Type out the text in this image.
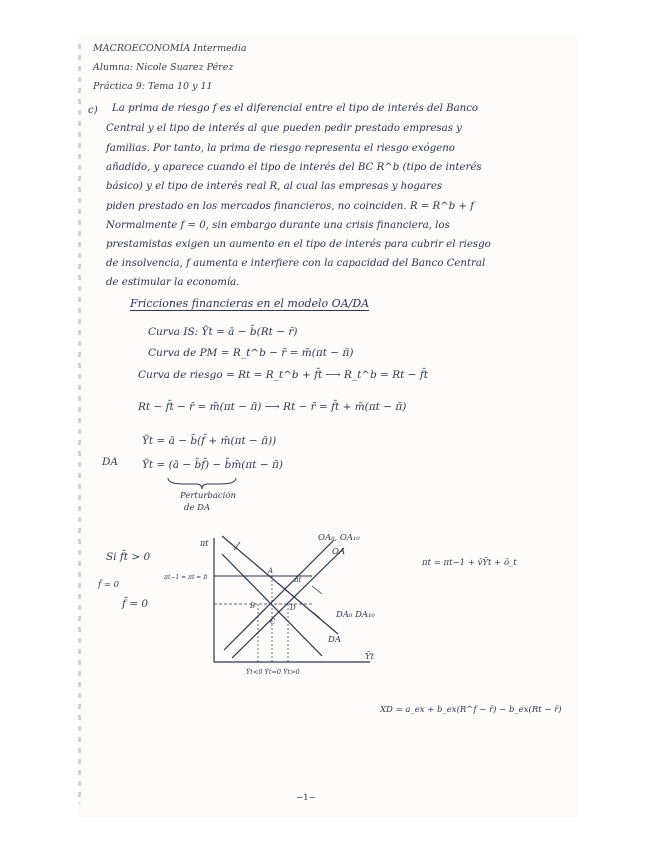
MACROECONOMÍA Intermedia
Alumna: Nicole Suarez Pérez
Práctica 9: Tema 10 y 11
c) La prima de riesgo f es el diferencial entre el tipo de interés del Banco
Central y el tipo de interés al que pueden pedir prestado empresas y
familias. Por tanto, la prima de riesgo representa el riesgo exógeno
añadido, y aparece cuando el tipo de interés del BC R^b (tipo de interés
básico) y el tipo de interés real R, al cual las empresas y hogares
piden prestado en los mercados financieros, no coinciden. R = R^b + f
Normalmente f = 0, sin embargo durante una crisis financiera, los
prestamistas exigen un aumento en el tipo de interés para cubrir el riesgo
de insolvencia, f aumenta e interfiere con la capacidad del Banco Central
de estimular la economía.
Fricciones financieras en el modelo OA/DA
Curva IS: Ỹt = ā − b̄(Rt − r̄)
Curva de PM = R_t^b − r̄ = m̄(πt − π̄)
Curva de riesgo = Rt = R_t^b + f̄t ⟶ R_t^b = Rt − f̄t
Rt − f̄t − r̄ = m̄(πt − π̄) ⟶ Rt − r̄ = f̄t + m̄(πt − π̄)
DA
Ỹt = ā − b̄(f̄ + m̄(πt − π̄))
Ỹt = (ā − b̄f̄) − b̄m̄(πt − π̄)
Perturbación
de DA
Si f̄t > 0
f̂ = 0
f̄ = 0
πt
πt−1 = πt = π̄
A
B
C
D
π̄t
Ỹt<0 Ỹt=0 Ỹt>0
OA₀, OA₁₀
OA
DA₀ DA₁₀
DA
Ỹt
πt = πt−1 + v̄Ỹt + ō_t
XD = a_ex + b_ex(R^f − r̄) − b_ex(Rt − r̄)
−1−
